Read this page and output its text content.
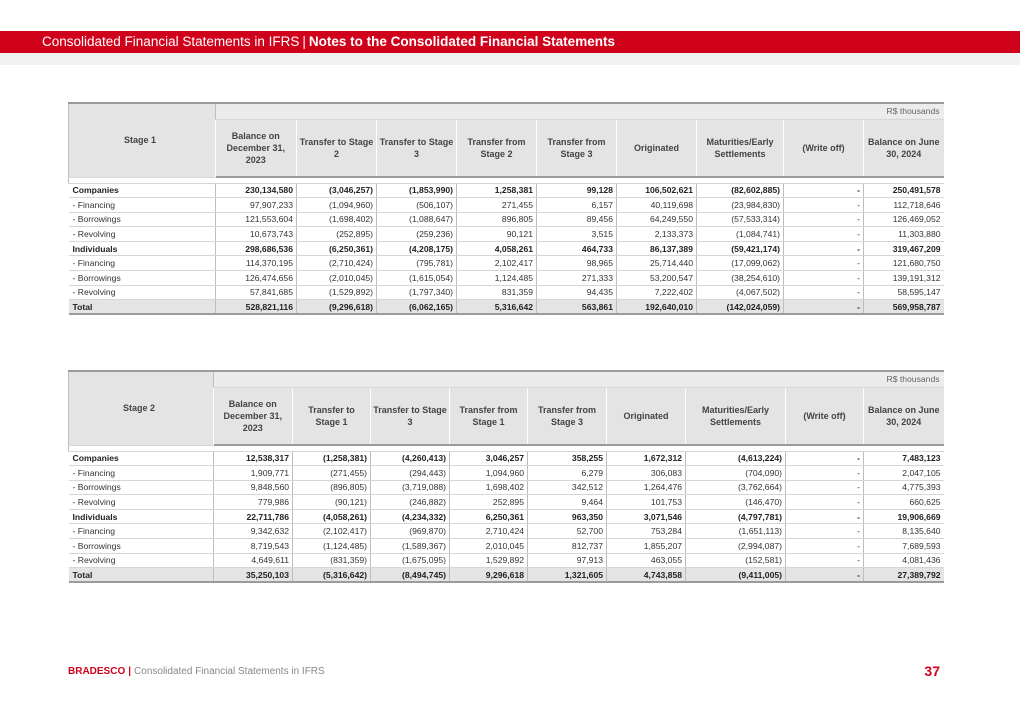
Consolidated Financial Statements in IFRS | Notes to the Consolidated Financial Statements
Stage 1	R$ thousands								
	Balance on December 31, 2023	Transfer to Stage 2	Transfer to Stage 3	Transfer from Stage 2	Transfer from Stage 3	Originated	Maturities/Early Settlements	(Write off)	Balance on June 30, 2024

Companies	230,134,580	(3,046,257)	(1,853,990)	1,258,381	99,128	106,502,621	(82,602,885)	-	250,491,578
- Financing	97,907,233	(1,094,960)	(506,107)	271,455	6,157	40,119,698	(23,984,830)	-	112,718,646
- Borrowings	121,553,604	(1,698,402)	(1,088,647)	896,805	89,456	64,249,550	(57,533,314)	-	126,469,052
- Revolving	10,673,743	(252,895)	(259,236)	90,121	3,515	2,133,373	(1,084,741)	-	11,303,880
Individuals	298,686,536	(6,250,361)	(4,208,175)	4,058,261	464,733	86,137,389	(59,421,174)	-	319,467,209
- Financing	114,370,195	(2,710,424)	(795,781)	2,102,417	98,965	25,714,440	(17,099,062)	-	121,680,750
- Borrowings	126,474,656	(2,010,045)	(1,615,054)	1,124,485	271,333	53,200,547	(38,254,610)	-	139,191,312
- Revolving	57,841,685	(1,529,892)	(1,797,340)	831,359	94,435	7,222,402	(4,067,502)	-	58,595,147
Total	528,821,116	(9,296,618)	(6,062,165)	5,316,642	563,861	192,640,010	(142,024,059)	-	569,958,787
Stage 2	R$ thousands								
	Balance on December 31, 2023	Transfer to Stage 1	Transfer to Stage 3	Transfer from Stage 1	Transfer from Stage 3	Originated	Maturities/Early Settlements	(Write off)	Balance on June 30, 2024

Companies	12,538,317	(1,258,381)	(4,260,413)	3,046,257	358,255	1,672,312	(4,613,224)	-	7,483,123
- Financing	1,909,771	(271,455)	(294,443)	1,094,960	6,279	306,083	(704,090)	-	2,047,105
- Borrowings	9,848,560	(896,805)	(3,719,088)	1,698,402	342,512	1,264,476	(3,762,664)	-	4,775,393
- Revolving	779,986	(90,121)	(246,882)	252,895	9,464	101,753	(146,470)	-	660,625
Individuals	22,711,786	(4,058,261)	(4,234,332)	6,250,361	963,350	3,071,546	(4,797,781)	-	19,906,669
- Financing	9,342,632	(2,102,417)	(969,870)	2,710,424	52,700	753,284	(1,651,113)	-	8,135,640
- Borrowings	8,719,543	(1,124,485)	(1,589,367)	2,010,045	812,737	1,855,207	(2,994,087)	-	7,689,593
- Revolving	4,649,611	(831,359)	(1,675,095)	1,529,892	97,913	463,055	(152,581)	-	4,081,436
Total	35,250,103	(5,316,642)	(8,494,745)	9,296,618	1,321,605	4,743,858	(9,411,005)	-	27,389,792
BRADESCO | Consolidated Financial Statements in IFRS	37
